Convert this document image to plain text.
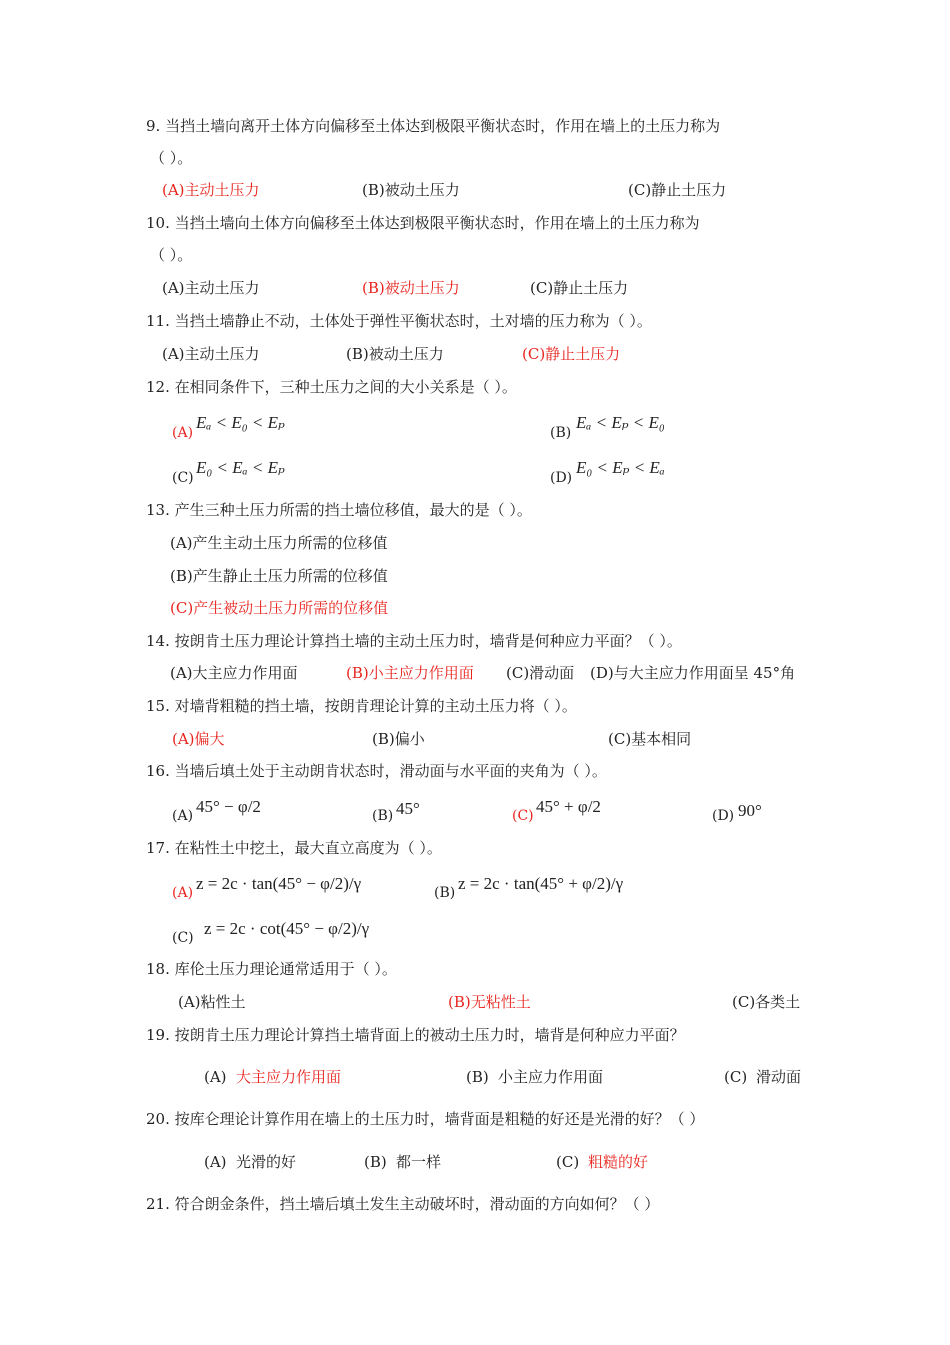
9. 当挡土墙向离开土体方向偏移至土体达到极限平衡状态时，作用在墙上的土压力称为
（ ）。
(A)主动土压力	(B)被动土压力	(C)静止土压力
10. 当挡土墙向土体方向偏移至土体达到极限平衡状态时，作用在墙上的土压力称为
（ ）。
(A)主动土压力	(B)被动土压力	(C)静止土压力
11. 当挡土墙静止不动，土体处于弹性平衡状态时，土对墙的压力称为（ ）。
(A)主动土压力	(B)被动土压力	(C)静止土压力
12. 在相同条件下，三种土压力之间的大小关系是（ ）。
(A)
Eₐ < E₀ < Eₚ
(B)
Eₐ < Eₚ < E₀
(C)
E₀ < Eₐ < Eₚ
(D)
E₀ < Eₚ < Eₐ
13. 产生三种土压力所需的挡土墙位移值，最大的是（ ）。
(A)产生主动土压力所需的位移值
(B)产生静止土压力所需的位移值
(C)产生被动土压力所需的位移值
14. 按朗肯土压力理论计算挡土墙的主动土压力时，墙背是何种应力平面？（ ）。
(A)大主应力作用面	(B)小主应力作用面 (C)滑动面 (D)与大主应力作用面呈 45°角
15. 对墙背粗糙的挡土墙，按朗肯理论计算的主动土压力将（ ）。
(A)偏大	(B)偏小	(C)基本相同
16. 当墙后填土处于主动朗肯状态时，滑动面与水平面的夹角为（ ）。
(A) 45° − φ/2	(B) 45°	(C) 45° + φ/2	(D) 90°
17. 在粘性土中挖土，最大直立高度为（ ）。
(A) z = 2c · tan(45° − φ/2)/γ	(B) z = 2c · tan(45° + φ/2)/γ
(C) z = 2c · cot(45° − φ/2)/γ
18. 库伦土压力理论通常适用于（ ）。
(A)粘性土	(B)无粘性土	(C)各类土
19. 按朗肯土压力理论计算挡土墙背面上的被动土压力时，墙背是何种应力平面？
(A) 大主应力作用面	(B) 小主应力作用面	(C) 滑动面
20. 按库仑理论计算作用在墙上的土压力时，墙背面是粗糙的好还是光滑的好？（ ）
(A) 光滑的好	(B) 都一样	(C) 粗糙的好
21. 符合朗金条件，挡土墙后填土发生主动破坏时，滑动面的方向如何？（ ）
